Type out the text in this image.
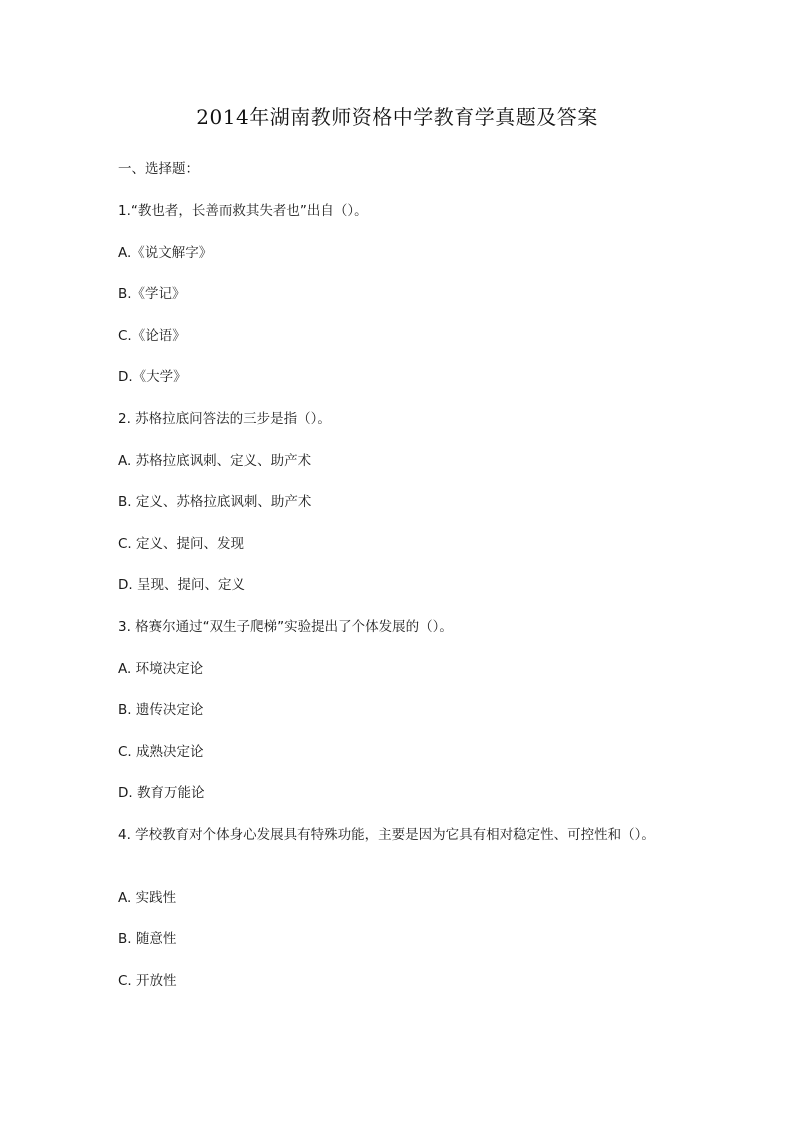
2014年湖南教师资格中学教育学真题及答案
一、选择题：
1.“教也者，长善而救其失者也”出自（）。
A.《说文解字》
B.《学记》
C.《论语》
D.《大学》
2. 苏格拉底问答法的三步是指（）。
A. 苏格拉底讽刺、定义、助产术
B. 定义、苏格拉底讽刺、助产术
C. 定义、提问、发现
D. 呈现、提问、定义
3. 格赛尔通过“双生子爬梯”实验提出了个体发展的（）。
A. 环境决定论
B. 遗传决定论
C. 成熟决定论
D. 教育万能论
4. 学校教育对个体身心发展具有特殊功能，主要是因为它具有相对稳定性、可控性和（）。
A. 实践性
B. 随意性
C. 开放性
